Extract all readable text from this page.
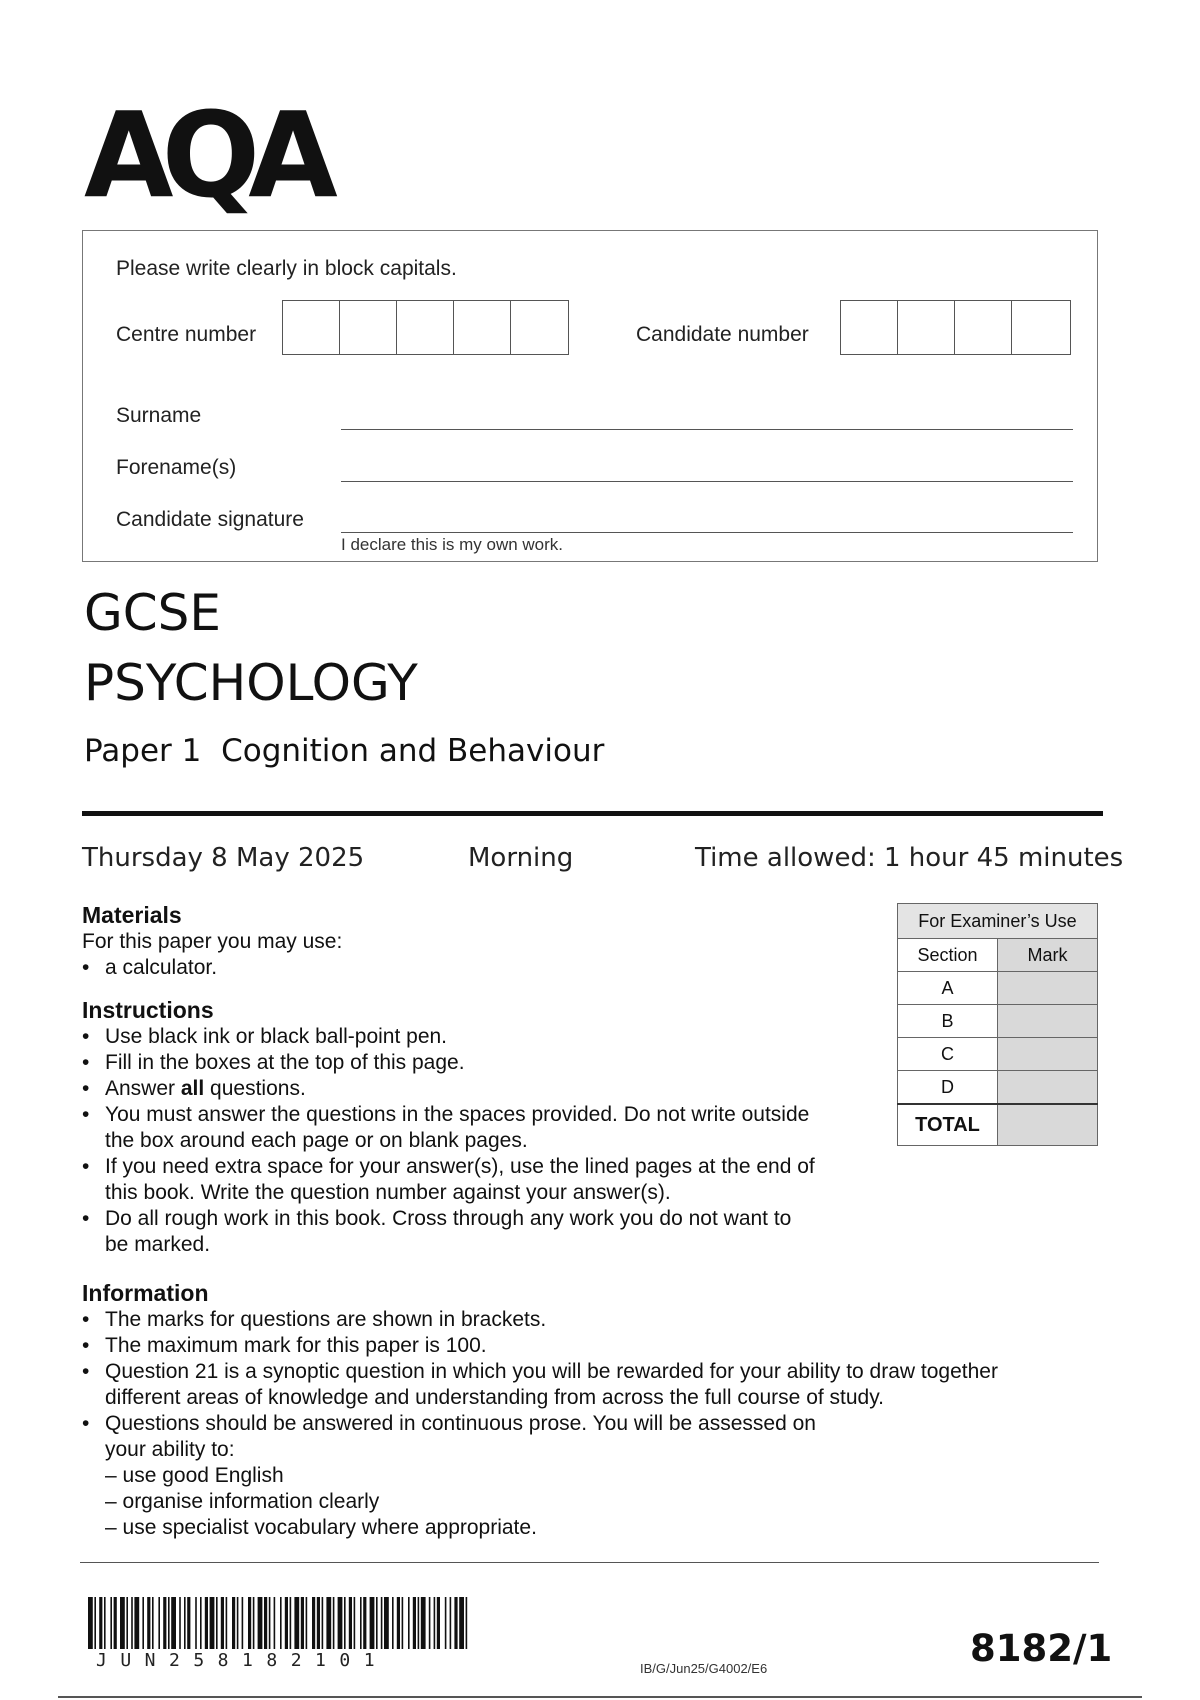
AQA
Please write clearly in block capitals.
Centre number	Candidate number
Surname
Forename(s)
Candidate signature
I declare this is my own work.
GCSE
PSYCHOLOGY
Paper 1  Cognition and Behaviour
Thursday 8 May 2025	Morning	Time allowed: 1 hour 45 minutes
Materials
For this paper you may use:
• a calculator.
Instructions
• Use black ink or black ball-point pen.
• Fill in the boxes at the top of this page.
• Answer all questions.
• You must answer the questions in the spaces provided. Do not write outside
the box around each page or on blank pages.
• If you need extra space for your answer(s), use the lined pages at the end of
this book. Write the question number against your answer(s).
• Do all rough work in this book. Cross through any work you do not want to
be marked.
Information
• The marks for questions are shown in brackets.
• The maximum mark for this paper is 100.
• Question 21 is a synoptic question in which you will be rewarded for your ability to draw together
different areas of knowledge and understanding from across the full course of study.
• Questions should be answered in continuous prose. You will be assessed on
your ability to:
– use good English
– organise information clearly
– use specialist vocabulary where appropriate.
For Examiner’s Use	
Section	Mark
A	
B	
C	
D	
TOTAL	
JUN258182101	IB/G/Jun25/G4002/E6	8182/1
